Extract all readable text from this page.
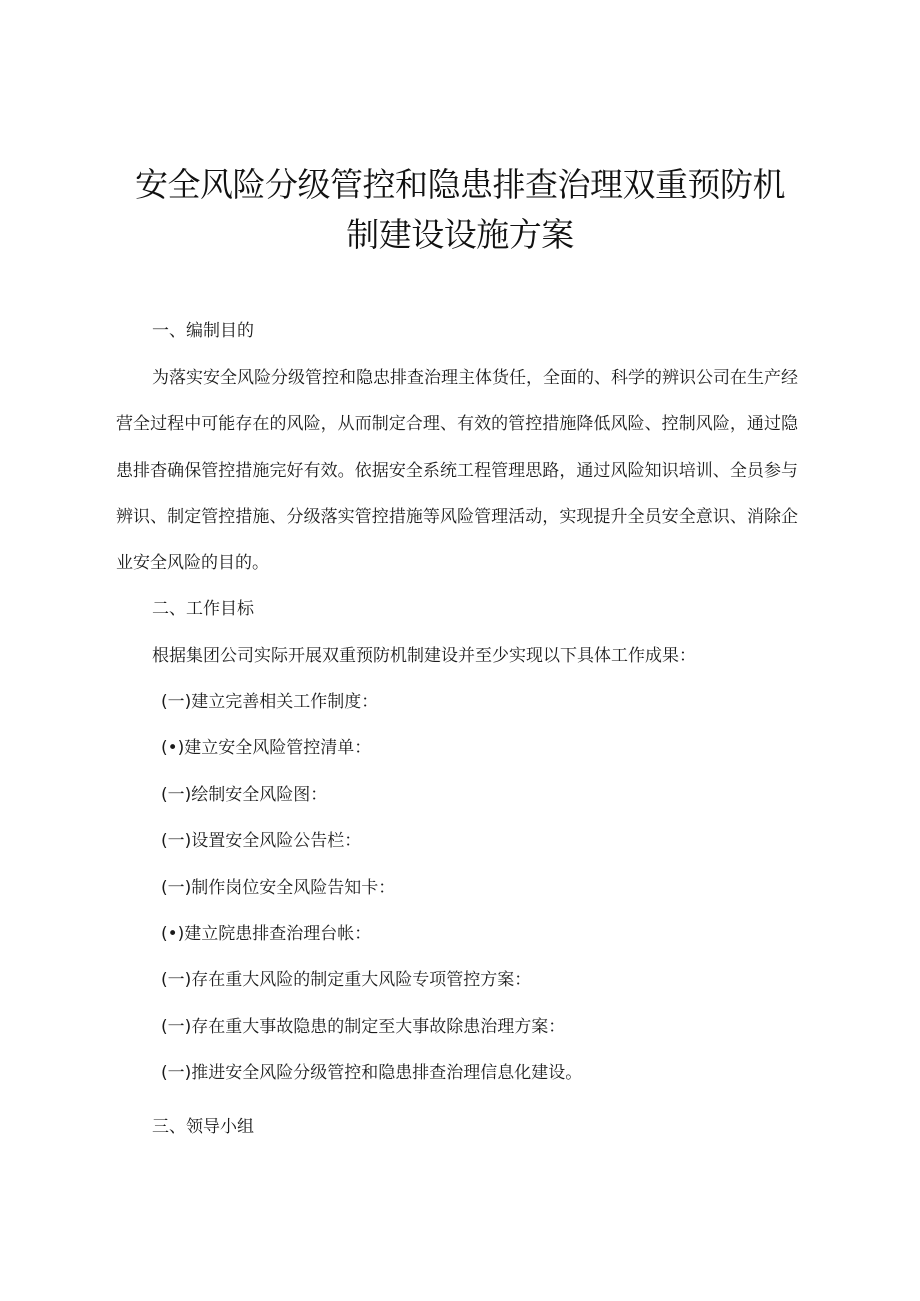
安全风险分级管控和隐患排查治理双重预防机
制建设设施方案
一、编制目的
为落实安全风险分级管控和隐忠排查治理主体货任，全面的、科学的辨识公司在生产经
营全过程中可能存在的风险，从而制定合理、有效的管控措施降低风险、控制风险，通过隐
患排杳确保管控措施完好有效。依据安全系统工程管理思路，通过风险知识培训、全员参与
辨识、制定管控措施、分级落实管控措施等风险管理活动，实现提升全员安全意识、消除企
业安全风险的目的。
二、工作目标
根据集团公司实际开展双重预防机制建设并至少实现以下具体工作成果：
(一)建立完善相关工作制度：
(•)建立安全风险管控清单：
(一)绘制安全风险图：
(一)设置安全风险公告栏：
(一)制作岗位安全风险告知卡：
(•)建立院患排查治理台帐：
(一)存在重大风险的制定重大风险专项管控方案：
(一)存在重大事故隐患的制定至大事故除患治理方案：
(一)推进安全风险分级管控和隐患排查治理信息化建设。
三、领导小组
